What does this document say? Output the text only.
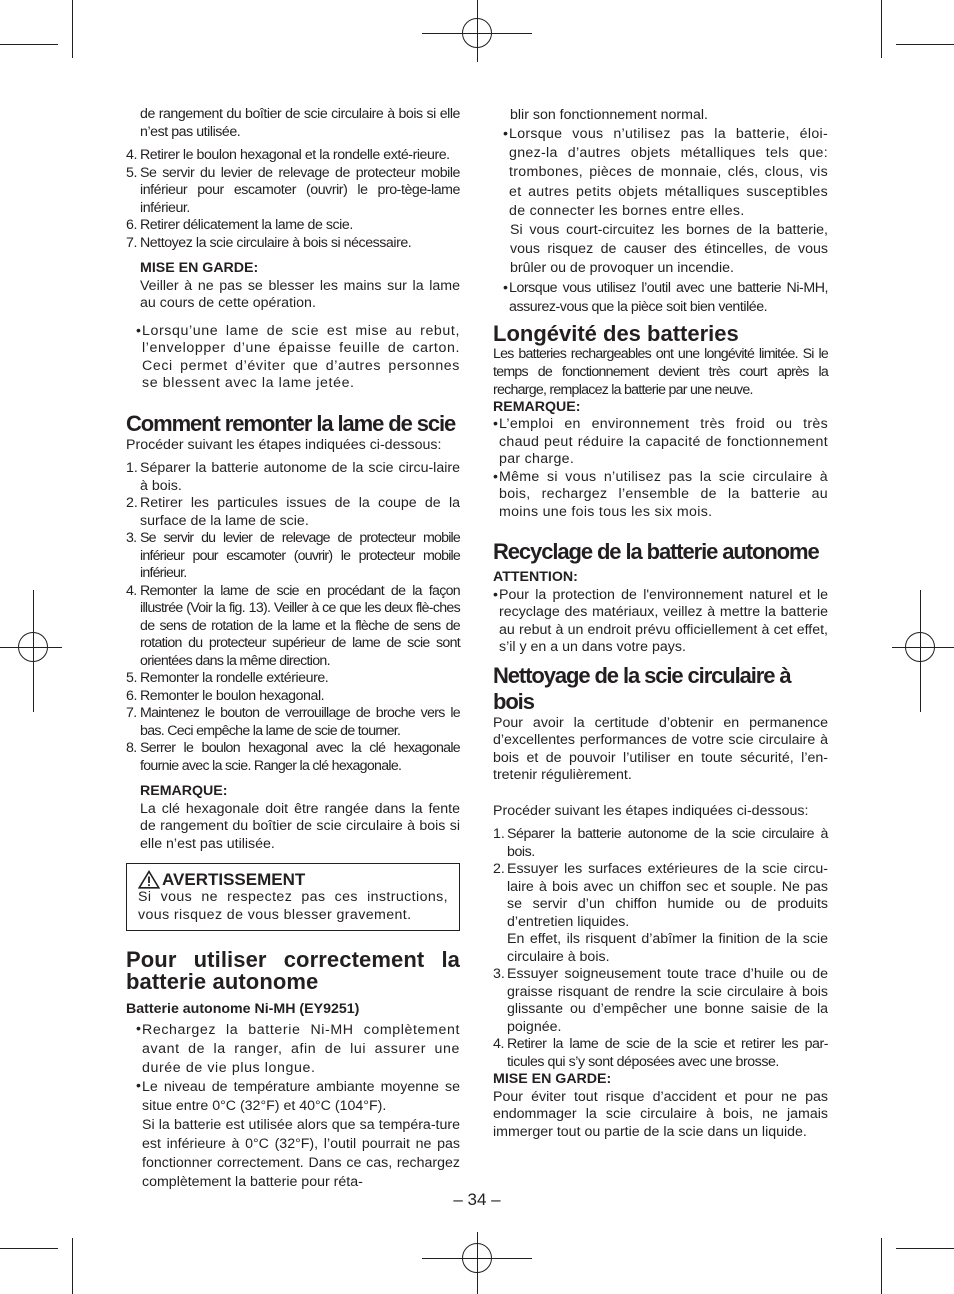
de rangement du boîtier de scie circulaire à bois si elle n’est pas utilisée.

4. Retirer le boulon hexagonal et la rondelle exté-rieure.
5. Se servir du levier de relevage de protecteur mobile inférieur pour escamoter (ouvrir) le pro-tège-lame inférieur.
6. Retirer délicatement la lame de scie.
7. Nettoyez la scie circulaire à bois si nécessaire.
MISE EN GARDE:

Veiller à ne pas se blesser les mains sur la lame au cours de cette opération.

• Lorsqu’une lame de scie est mise au rebut, l’envelopper d’une épaisse feuille de carton. Ceci permet d’éviter que d’autres personnes se blessent avec la lame jetée.
Comment remonter la lame de scie

Procéder suivant les étapes indiquées ci-dessous:

1. Séparer la batterie autonome de la scie circu-laire à bois.
2. Retirer les particules issues de la coupe de la surface de la lame de scie.
3. Se servir du levier de relevage de protecteur mobile inférieur pour escamoter (ouvrir) le protecteur mobile inférieur.
4. Remonter la lame de scie en procédant de la façon illustrée (Voir la fig. 13). Veiller à ce que les deux flè-ches de sens de rotation de la lame et la flèche de sens de rotation du protecteur supérieur de lame de scie sont orientées dans la même direction.
5. Remonter la rondelle extérieure.
6. Remonter le boulon hexagonal.
7. Maintenez le bouton de verrouillage de broche vers le bas. Ceci empêche la lame de scie de tourner.
8. Serrer le boulon hexagonal avec la clé hexagonale fournie avec la scie. Ranger la clé hexagonale.
REMARQUE:

La clé hexagonale doit être rangée dans la fente de rangement du boîtier de scie circulaire à bois si elle n’est pas utilisée.

AVERTISSEMENT

Si vous ne respectez pas ces instructions, vous risquez de vous blesser gravement.

Pour utiliser correctement la batterie autonome
Batterie autonome Ni-MH (EY9251)
• Rechargez la batterie Ni-MH complètement avant de la ranger, afin de lui assurer une durée de vie plus longue.
• Le niveau de température ambiante moyenne se situe entre 0°C (32°F) et 40°C (104°F).

Si la batterie est utilisée alors que sa tempéra-ture est inférieure à 0°C (32°F), l’outil pourrait ne pas fonctionner correctement. Dans ce cas, rechargez complètement la batterie pour réta-

blir son fonctionnement normal.

• Lorsque vous n’utilisez pas la batterie, éloi-gnez-la d’autres objets métalliques tels que: trombones, pièces de monnaie, clés, clous, vis et autres petits objets métalliques susceptibles de connecter les bornes entre elles.

Si vous court-circuitez les bornes de la batterie, vous risquez de causer des étincelles, de vous brûler ou de provoquer un incendie.

• Lorsque vous utilisez l’outil avec une batterie Ni-MH, assurez-vous que la pièce soit bien ventilée.
Longévité des batteries

Les batteries rechargeables ont une longévité limitée. Si le temps de fonctionnement devient très court après la recharge, remplacez la batterie par une neuve.

REMARQUE:
• L’emploi en environnement très froid ou très chaud peut réduire la capacité de fonctionnement par charge.
• Même si vous n’utilisez pas la scie circulaire à bois, rechargez l’ensemble de la batterie au moins une fois tous les six mois.
Recyclage de la batterie autonome
ATTENTION:
• Pour la protection de l'environnement naturel et le recyclage des matériaux, veillez à mettre la batterie au rebut à un endroit prévu officiellement à cet effet, s’il y en a un dans votre pays.
Nettoyage de la scie circulaire à bois

Pour avoir la certitude d’obtenir en permanence d’excellentes performances de votre scie circulaire à bois et de pouvoir l’utiliser en toute sécurité, l’en-tretenir régulièrement.

Procéder suivant les étapes indiquées ci-dessous:

1. Séparer la batterie autonome de la scie circulaire à bois.
2. Essuyer les surfaces extérieures de la scie circu-laire à bois avec un chiffon sec et souple. Ne pas se servir d’un chiffon humide ou de produits d’entretien liquides.

En effet, ils risquent d’abîmer la finition de la scie circulaire à bois.

3. Essuyer soigneusement toute trace d’huile ou de graisse risquant de rendre la scie circulaire à bois glissante ou d’empêcher une bonne saisie de la poignée.
4. Retirer la lame de scie de la scie et retirer les par-ticules qui s’y sont déposées avec une brosse.
MISE EN GARDE:

Pour éviter tout risque d’accident et pour ne pas endommager la scie circulaire à bois, ne jamais immerger tout ou partie de la scie dans un liquide.

– 34 –
